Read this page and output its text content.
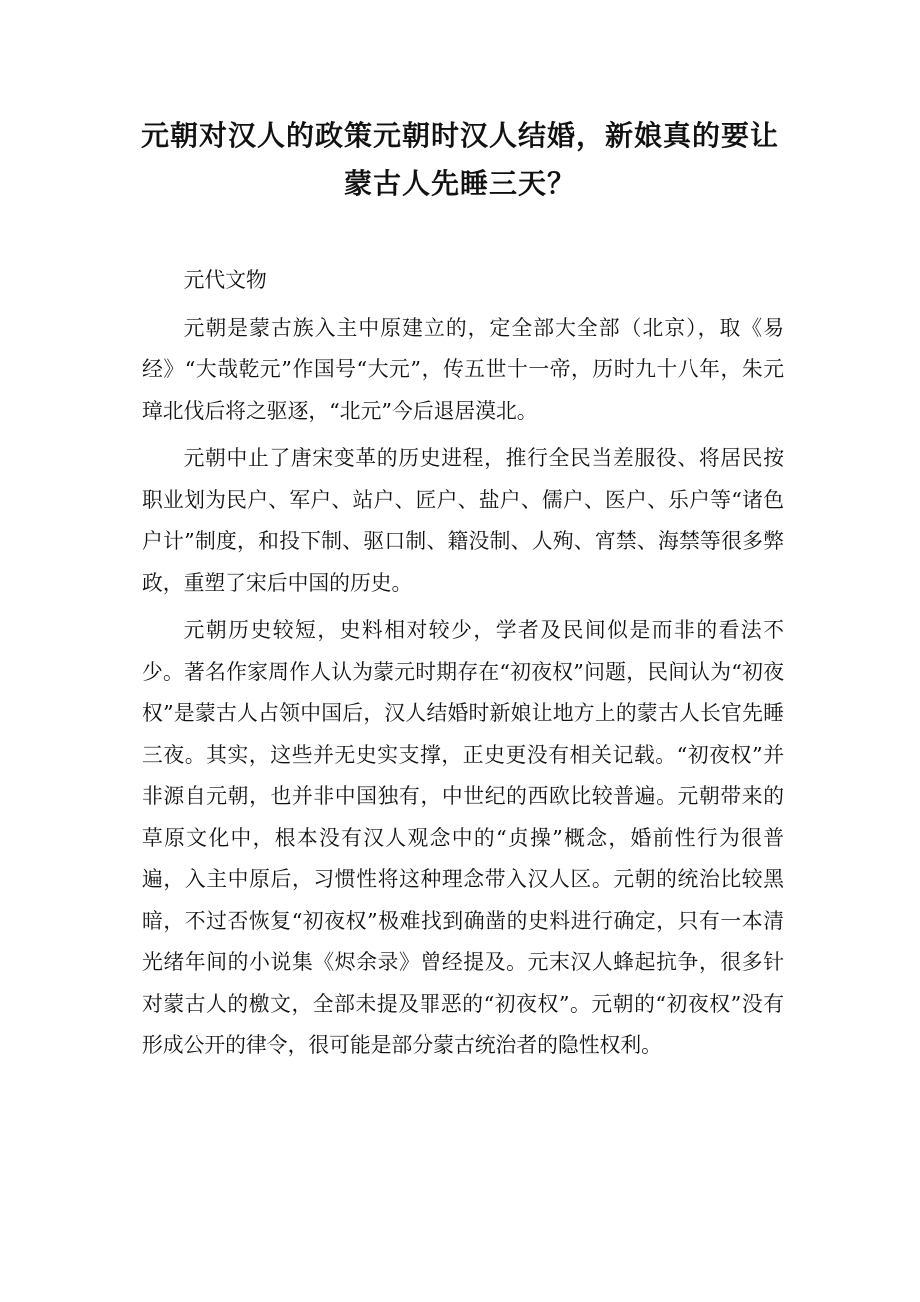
元朝对汉人的政策元朝时汉人结婚，新娘真的要让蒙古人先睡三天？

元代文物

元朝是蒙古族入主中原建立的，定全部大全部（北京），取《易经》“大哉乾元”作国号“大元”，传五世十一帝，历时九十八年，朱元璋北伐后将之驱逐，“北元”今后退居漠北。

元朝中止了唐宋变革的历史进程，推行全民当差服役、将居民按职业划为民户、军户、站户、匠户、盐户、儒户、医户、乐户等“诸色户计”制度，和投下制、驱口制、籍没制、人殉、宵禁、海禁等很多弊政，重塑了宋后中国的历史。

元朝历史较短，史料相对较少，学者及民间似是而非的看法不少。著名作家周作人认为蒙元时期存在“初夜权”问题，民间认为“初夜权”是蒙古人占领中国后，汉人结婚时新娘让地方上的蒙古人长官先睡三夜。其实，这些并无史实支撑，正史更没有相关记载。“初夜权”并非源自元朝，也并非中国独有，中世纪的西欧比较普遍。元朝带来的草原文化中，根本没有汉人观念中的“贞操”概念，婚前性行为很普遍，入主中原后，习惯性将这种理念带入汉人区。元朝的统治比较黑暗，不过否恢复“初夜权”极难找到确凿的史料进行确定，只有一本清光绪年间的小说集《烬余录》曾经提及。元末汉人蜂起抗争，很多针对蒙古人的檄文，全部未提及罪恶的“初夜权”。元朝的“初夜权”没有形成公开的律令，很可能是部分蒙古统治者的隐性权利。
